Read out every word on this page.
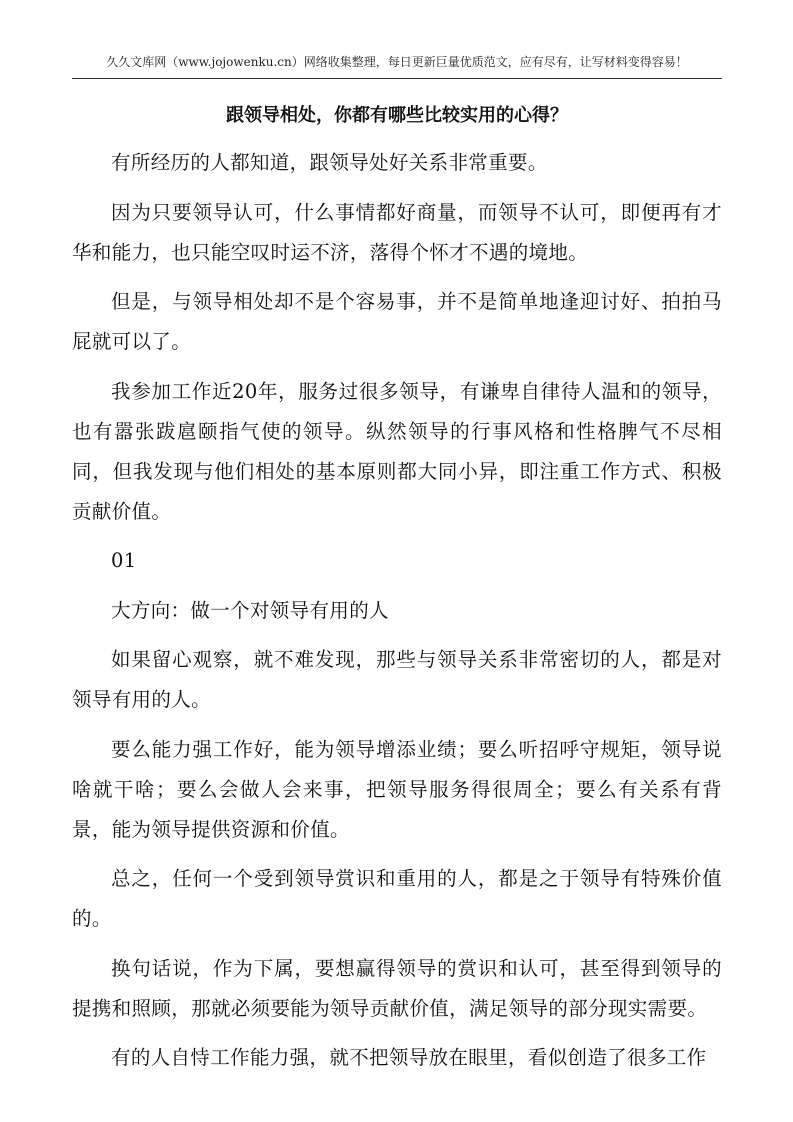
久久文库网（www.jojowenku.cn）网络收集整理，每日更新巨量优质范文，应有尽有，让写材料变得容易！
跟领导相处，你都有哪些比较实用的心得？

有所经历的人都知道，跟领导处好关系非常重要。

因为只要领导认可，什么事情都好商量，而领导不认可，即便再有才华和能力，也只能空叹时运不济，落得个怀才不遇的境地。

但是，与领导相处却不是个容易事，并不是简单地逢迎讨好、拍拍马屁就可以了。

我参加工作近20年，服务过很多领导，有谦卑自律待人温和的领导，也有嚣张跋扈颐指气使的领导。纵然领导的行事风格和性格脾气不尽相同，但我发现与他们相处的基本原则都大同小异，即注重工作方式、积极贡献价值。

01

大方向：做一个对领导有用的人

如果留心观察，就不难发现，那些与领导关系非常密切的人，都是对领导有用的人。

要么能力强工作好，能为领导增添业绩；要么听招呼守规矩，领导说啥就干啥；要么会做人会来事，把领导服务得很周全；要么有关系有背景，能为领导提供资源和价值。

总之，任何一个受到领导赏识和重用的人，都是之于领导有特殊价值的。

换句话说，作为下属，要想赢得领导的赏识和认可，甚至得到领导的提携和照顾，那就必须要能为领导贡献价值，满足领导的部分现实需要。

有的人自恃工作能力强，就不把领导放在眼里，看似创造了很多工作
